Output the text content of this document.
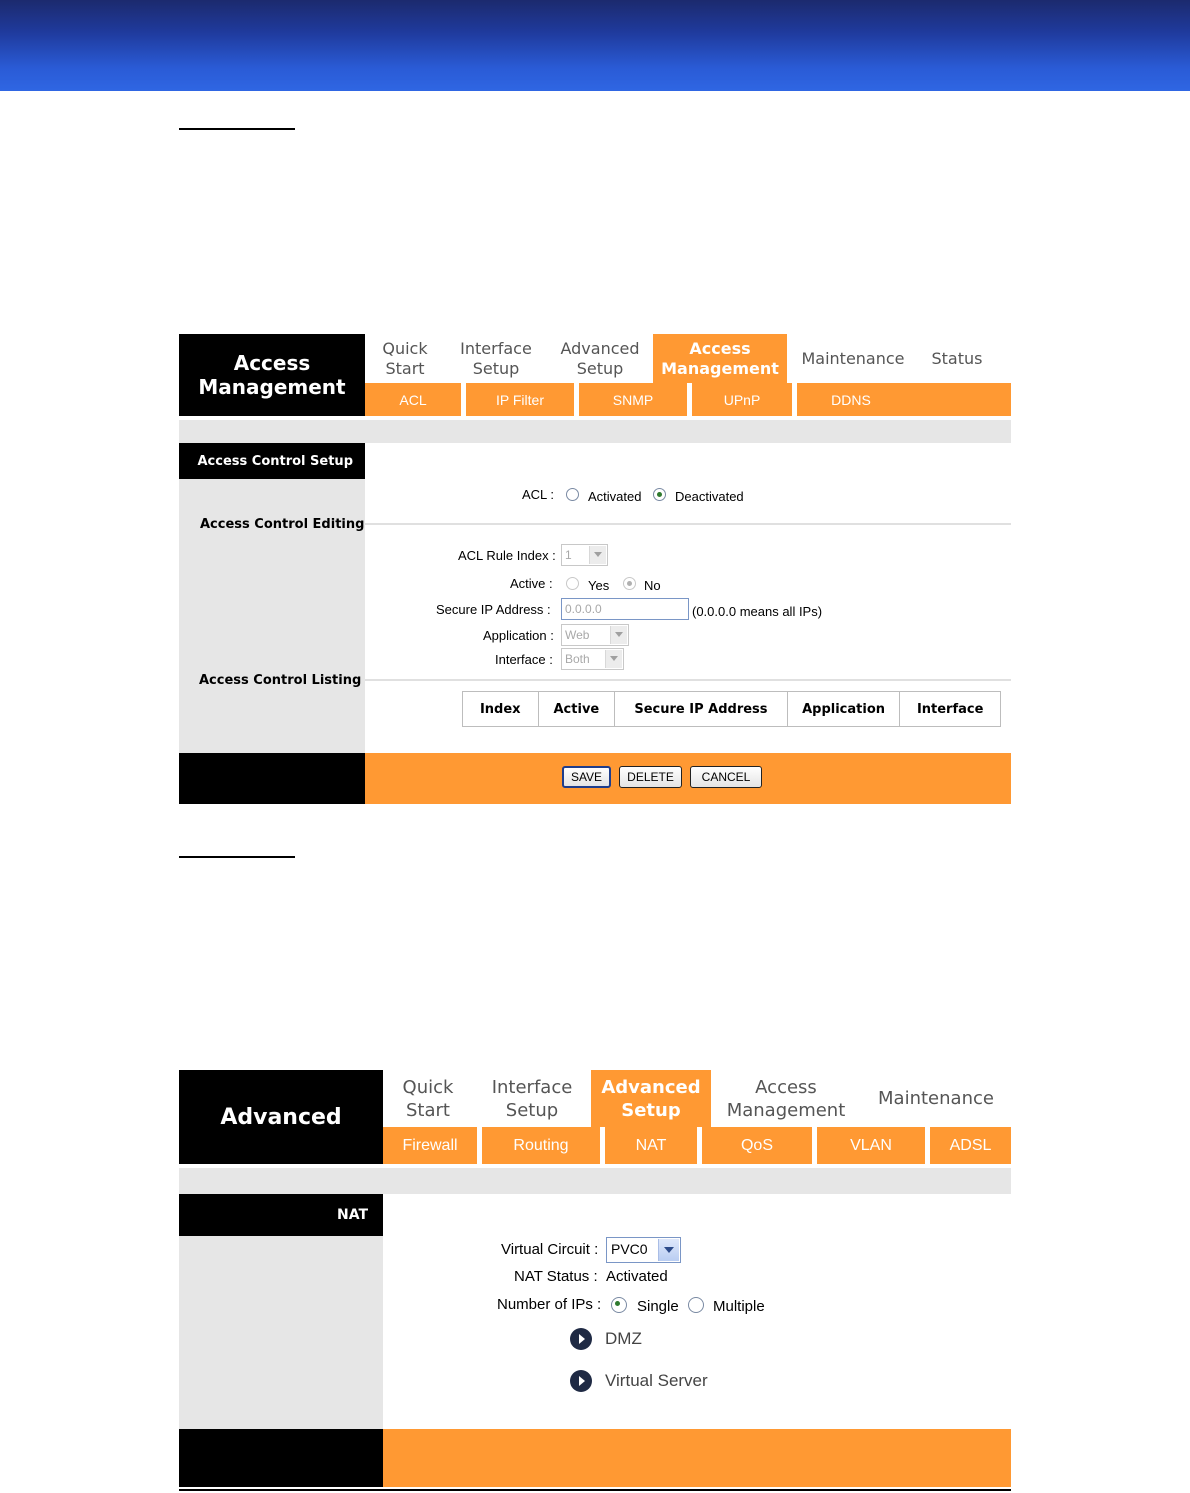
Access
Management
Quick
Start
Interface
Setup
Advanced
Setup
Access
Management
Maintenance	Status
ACL	IP Filter	SNMP	UPnP	DDNS
Access Control Setup
Access Control Editing
Access Control Listing
ACL :	Activated	Deactivated
ACL Rule Index : 1
Active :	Yes	No
Secure IP Address :	0.0.0.0	(0.0.0.0 means all IPs)
Application : Web
Interface :	Both
Index	Active	Secure IP Address	Application	Interface
SAVE	DELETE	CANCEL
Advanced
Quick
Start
Interface
Setup
Advanced
Setup
Access
Management
Maintenance
Firewall	Routing	NAT	QoS	VLAN	ADSL
NAT
Virtual Circuit : PVC0
NAT Status : Activated
Number of IPs : Single Multiple
DMZ
Virtual Server
